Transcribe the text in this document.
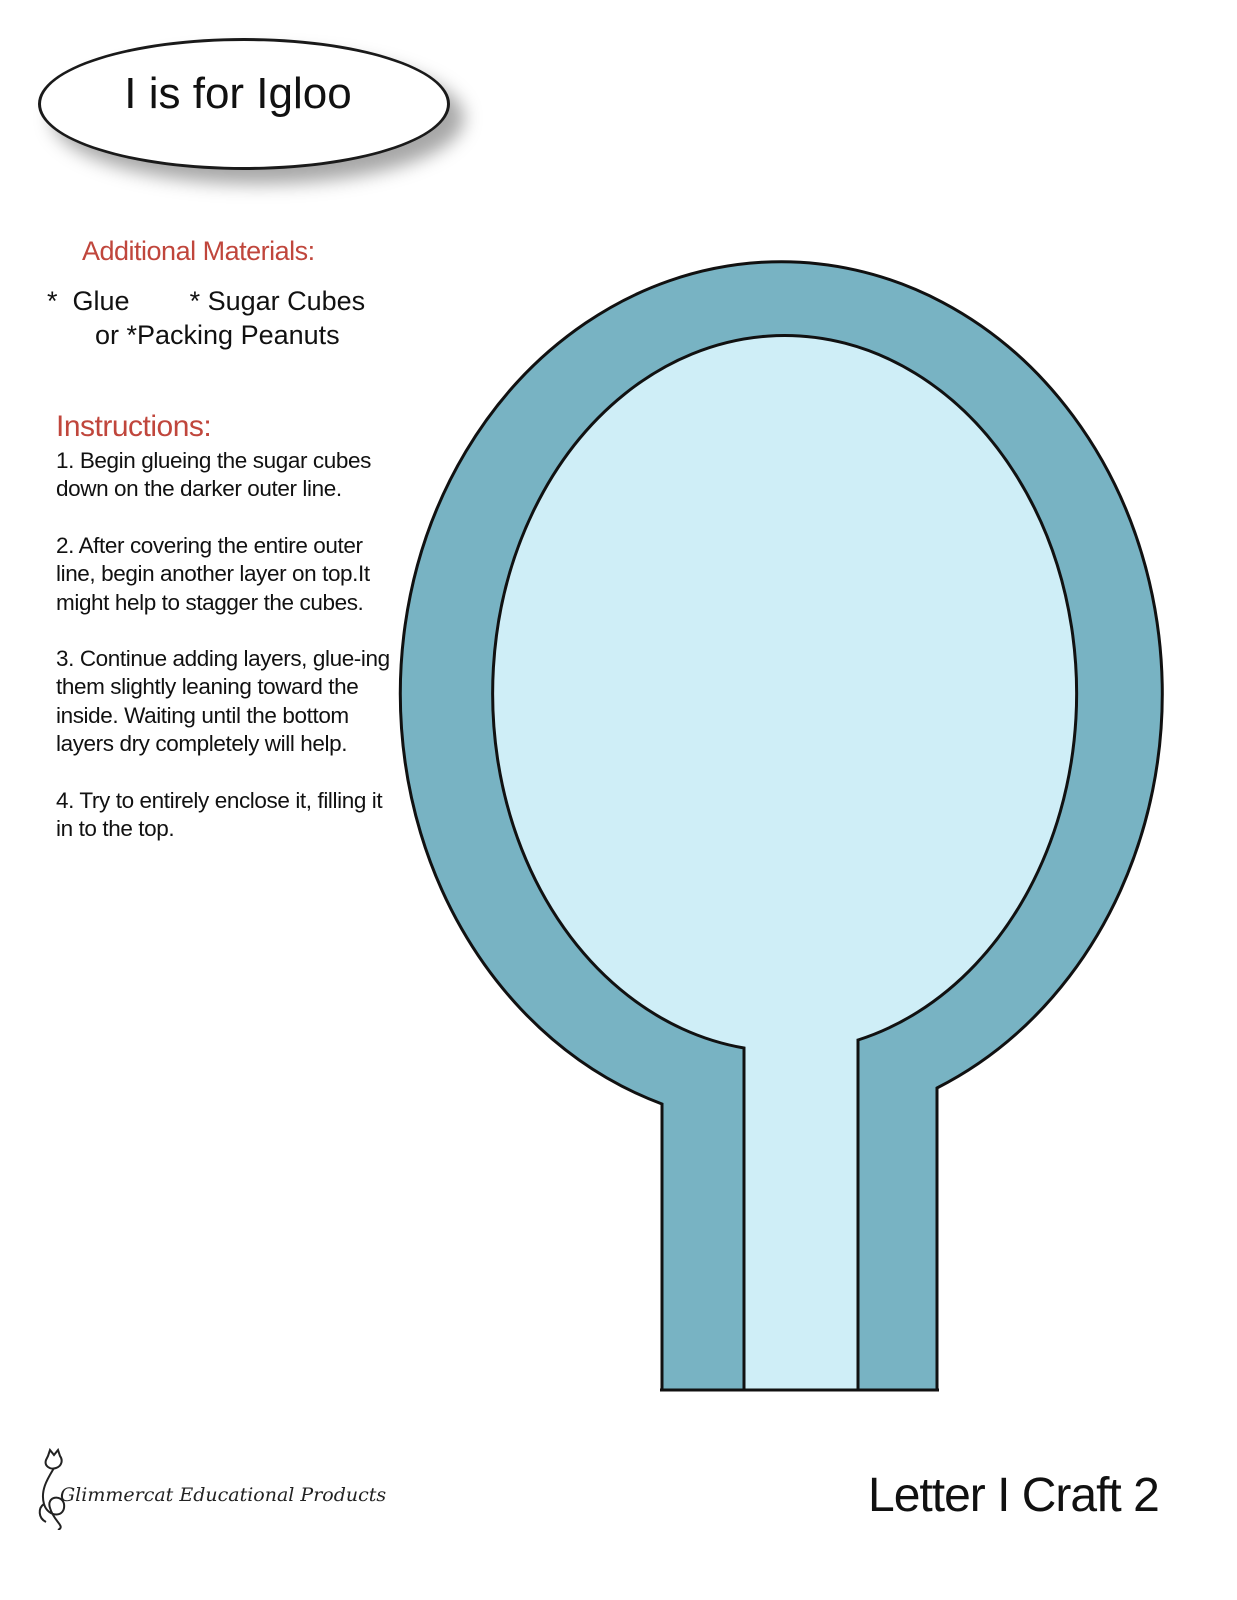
I is for Igloo
Additional Materials:
*  Glue * Sugar Cubes
or *Packing Peanuts
Instructions:

1. Begin glueing the sugar cubes down on the darker outer line.

2. After covering the entire outer line, begin another layer on top.It might help to stagger the cubes.

3. Continue adding layers, glue-ing them slightly leaning toward the inside. Waiting until the bottom layers dry completely will help.

4. Try to entirely enclose it, filling it in to the top.

Glimmercat Educational Products	Letter I Craft 2
